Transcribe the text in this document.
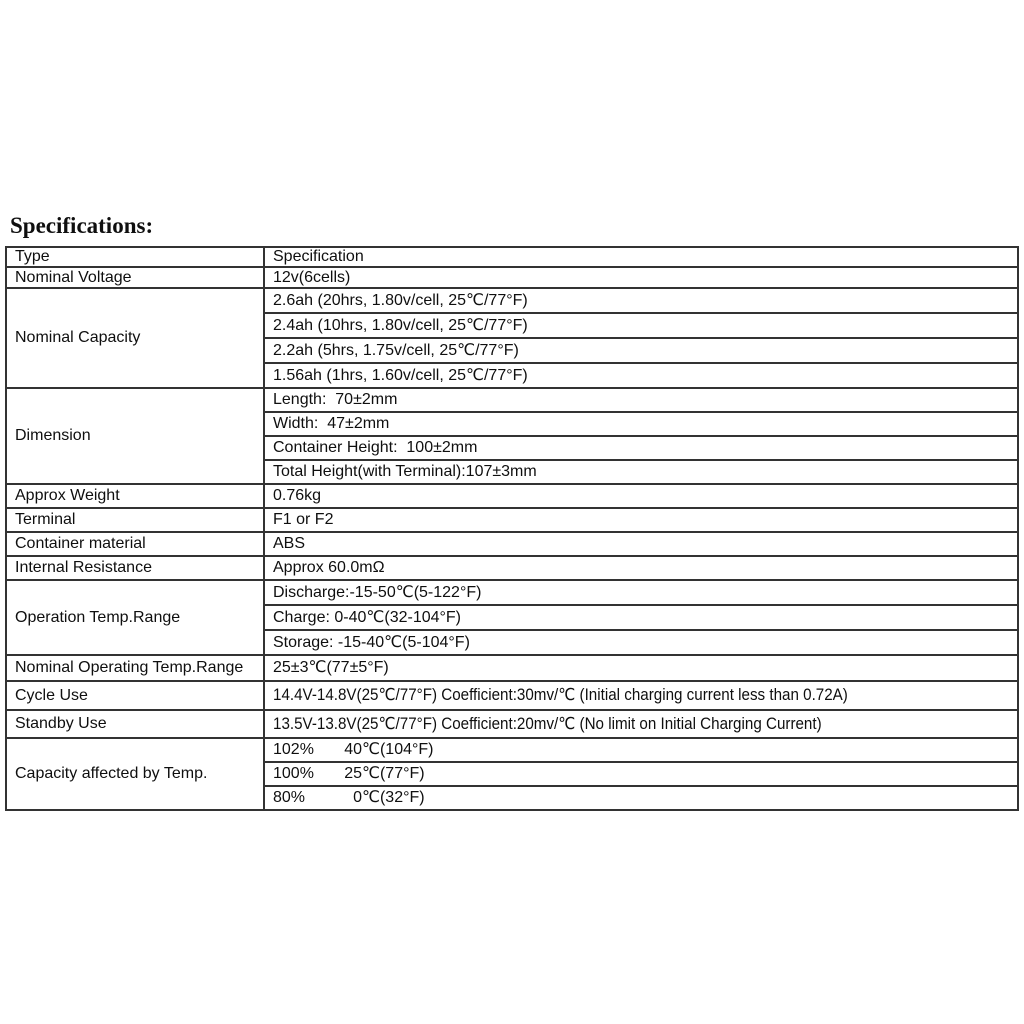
Specifications:
Type	Specification
Nominal Voltage	12v(6cells)
Nominal Capacity	2.6ah (20hrs, 1.80v/cell, 25℃/77°F)
	2.4ah (10hrs, 1.80v/cell, 25℃/77°F)
	2.2ah (5hrs, 1.75v/cell, 25℃/77°F)
	1.56ah (1hrs, 1.60v/cell, 25℃/77°F)
Dimension	Length:  70±2mm
	Width:  47±2mm
	Container Height:  100±2mm
	Total Height(with Terminal):107±3mm
Approx Weight	0.76kg
Terminal	F1 or F2
Container material	ABS
Internal Resistance	Approx 60.0mΩ
Operation Temp.Range	Discharge:-15-50℃(5-122°F)
	Charge: 0-40℃(32-104°F)
	Storage: -15-40℃(5-104°F)
Nominal Operating Temp.Range	25±3℃(77±5°F)
Cycle Use	14.4V-14.8V(25℃/77°F) Coefficient:30mv/℃ (Initial charging current less than 0.72A)
Standby Use	13.5V-13.8V(25℃/77°F) Coefficient:20mv/℃ (No limit on Initial Charging Current)
Capacity affected by Temp.	102% 40℃(104°F)
	100% 25℃(77°F)
	80% 0℃(32°F)
